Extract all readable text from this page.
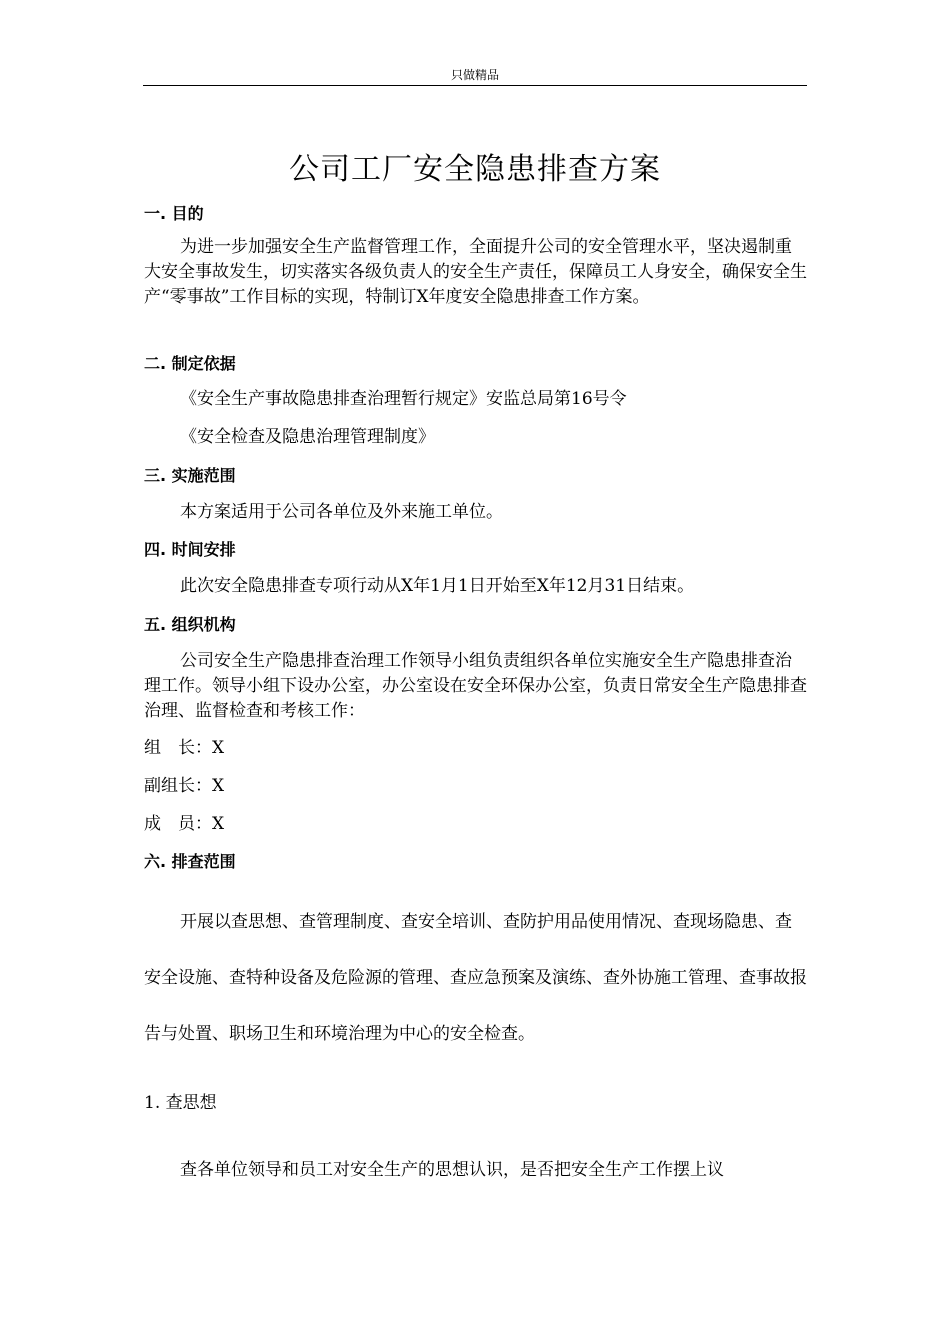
只做精品
公司工厂安全隐患排查方案
一. 目的
为进一步加强安全生产监督管理工作，全面提升公司的安全管理水平，坚决遏制重大安全事故发生，切实落实各级负责人的安全生产责任，保障员工人身安全，确保安全生产“零事故”工作目标的实现，特制订X年度安全隐患排查工作方案。
二. 制定依据
《安全生产事故隐患排查治理暂行规定》安监总局第16号令
《安全检查及隐患治理管理制度》
三. 实施范围
本方案适用于公司各单位及外来施工单位。
四. 时间安排
此次安全隐患排查专项行动从X年1月1日开始至X年12月31日结束。
五. 组织机构
公司安全生产隐患排查治理工作领导小组负责组织各单位实施安全生产隐患排查治理工作。领导小组下设办公室，办公室设在安全环保办公室，负责日常安全生产隐患排查治理、监督检查和考核工作：
组　长：X
副组长：X
成　员：X
六. 排查范围
开展以查思想、查管理制度、查安全培训、查防护用品使用情况、查现场隐患、查安全设施、查特种设备及危险源的管理、查应急预案及演练、查外协施工管理、查事故报告与处置、职场卫生和环境治理为中心的安全检查。
1. 查思想
查各单位领导和员工对安全生产的思想认识，是否把安全生产工作摆上议
